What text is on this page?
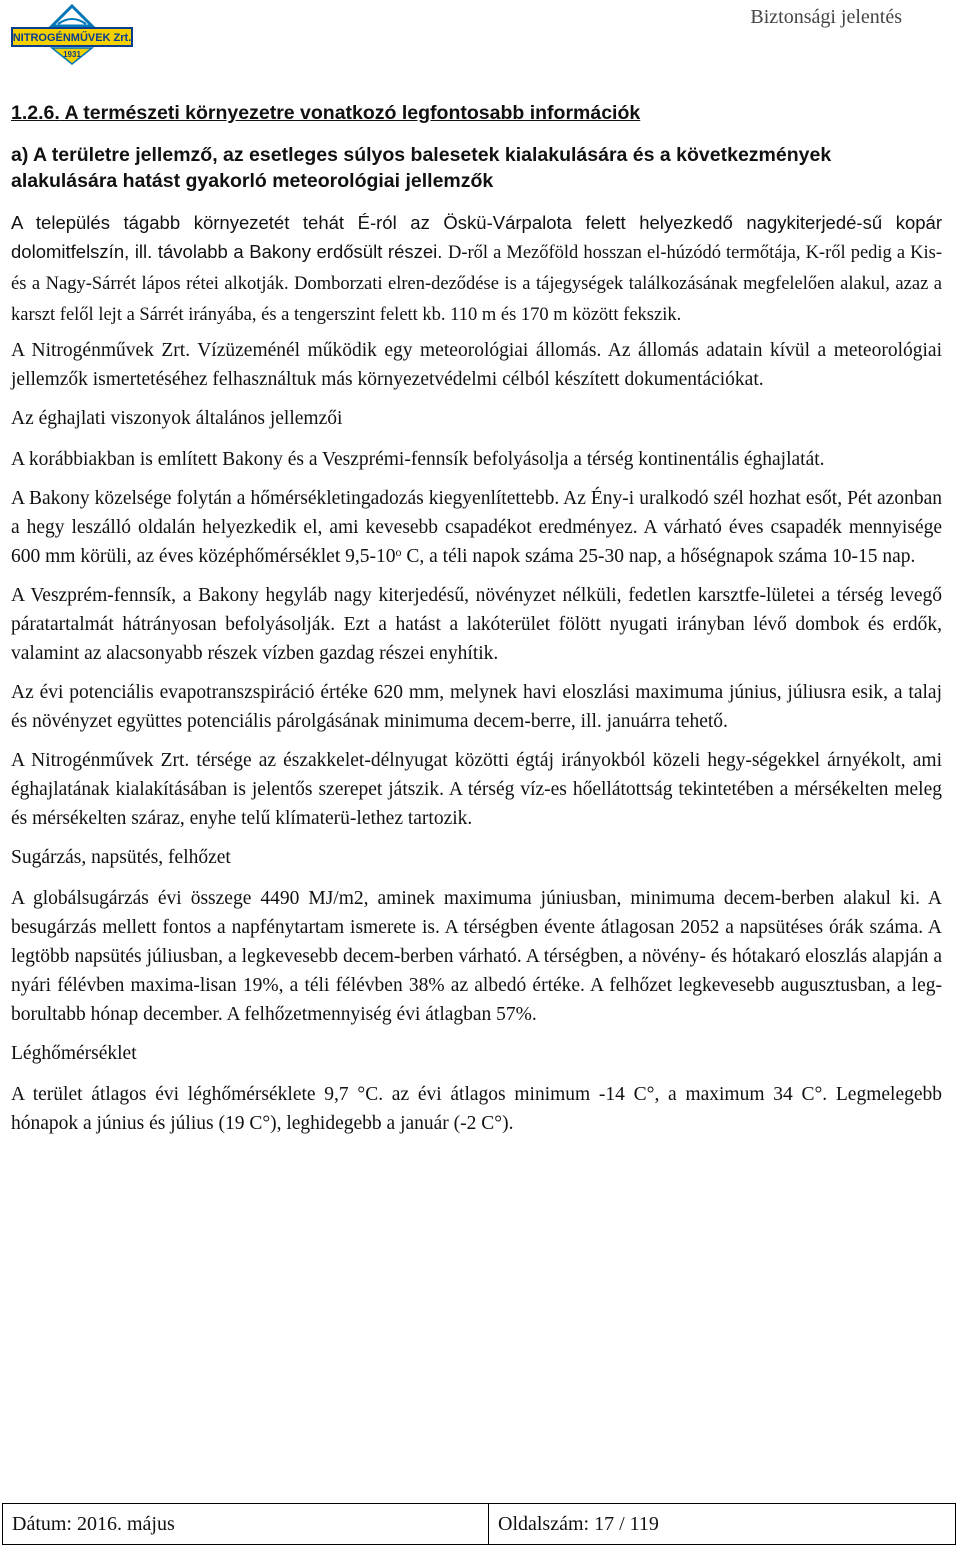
NITROGÉNMŰVEK Zrt.
1931
Biztonsági jelentés
1.2.6. A természeti környezetre vonatkozó legfontosabb információk
a) A területre jellemző, az esetleges súlyos balesetek kialakulására és a következmények alakulására hatást gyakorló meteorológiai jellemzők

A település tágabb környezetét tehát É-ról az Öskü-Várpalota felett helyezkedő nagykiterjedé-sű kopár dolomitfelszín, ill. távolabb a Bakony erdősült részei. D-ről a Mezőföld hosszan el-húzódó termőtája, K-ről pedig a Kis- és a Nagy-Sárrét lápos rétei alkotják. Domborzati elren-deződése is a tájegységek találkozásának megfelelően alakul, azaz a karszt felől lejt a Sárrét irányába, és a tengerszint felett kb. 110 m és 170 m között fekszik.

A Nitrogénművek Zrt. Vízüzeménél működik egy meteorológiai állomás. Az állomás adatain kívül a meteorológiai jellemzők ismertetéséhez felhasználtuk más környezetvédelmi célból készített dokumentációkat.

Az éghajlati viszonyok általános jellemzői

A korábbiakban is említett Bakony és a Veszprémi-fennsík befolyásolja a térség kontinentális éghajlatát.

A Bakony közelsége folytán a hőmérsékletingadozás kiegyenlítettebb. Az Ény-i uralkodó szél hozhat esőt, Pét azonban a hegy leszálló oldalán helyezkedik el, ami kevesebb csapadékot eredményez. A várható éves csapadék mennyisége 600 mm körüli, az éves középhőmérséklet 9,5-10$^o$ C, a téli napok száma 25-30 nap, a hőségnapok száma 10-15 nap.

A Veszprém-fennsík, a Bakony hegyláb nagy kiterjedésű, növényzet nélküli, fedetlen karsztfe-lületei a térség levegő páratartalmát hátrányosan befolyásolják. Ezt a hatást a lakóterület fölött nyugati irányban lévő dombok és erdők, valamint az alacsonyabb részek vízben gazdag részei enyhítik.

Az évi potenciális evapotranszspiráció értéke 620 mm, melynek havi eloszlási maximuma június, júliusra esik, a talaj és növényzet együttes potenciális párolgásának minimuma decem-berre, ill. januárra tehető.

A Nitrogénművek Zrt. térsége az északkelet-délnyugat közötti égtáj irányokból közeli hegy-ségekkel árnyékolt, ami éghajlatának kialakításában is jelentős szerepet játszik. A térség víz-es hőellátottság tekintetében a mérsékelten meleg és mérsékelten száraz, enyhe telű klímaterü-lethez tartozik.

Sugárzás, napsütés, felhőzet

A globálsugárzás évi összege 4490 MJ/m2, aminek maximuma júniusban, minimuma decem-berben alakul ki. A besugárzás mellett fontos a napfénytartam ismerete is. A térségben évente átlagosan 2052 a napsütéses órák száma. A legtöbb napsütés júliusban, a legkevesebb decem-berben várható. A térségben, a növény- és hótakaró eloszlás alapján a nyári félévben maxima-lisan 19%, a téli félévben 38% az albedó értéke. A felhőzet legkevesebb augusztusban, a leg-borultabb hónap december. A felhőzetmennyiség évi átlagban 57%.

Léghőmérséklet

A terület átlagos évi léghőmérséklete 9,7 °C. az évi átlagos minimum -14 C°, a maximum 34 C°. Legmelegebb hónapok a június és július (19 C°), leghidegebb a január (-2 C°).

Dátum: 2016. május	Oldalszám: 17 / 119
